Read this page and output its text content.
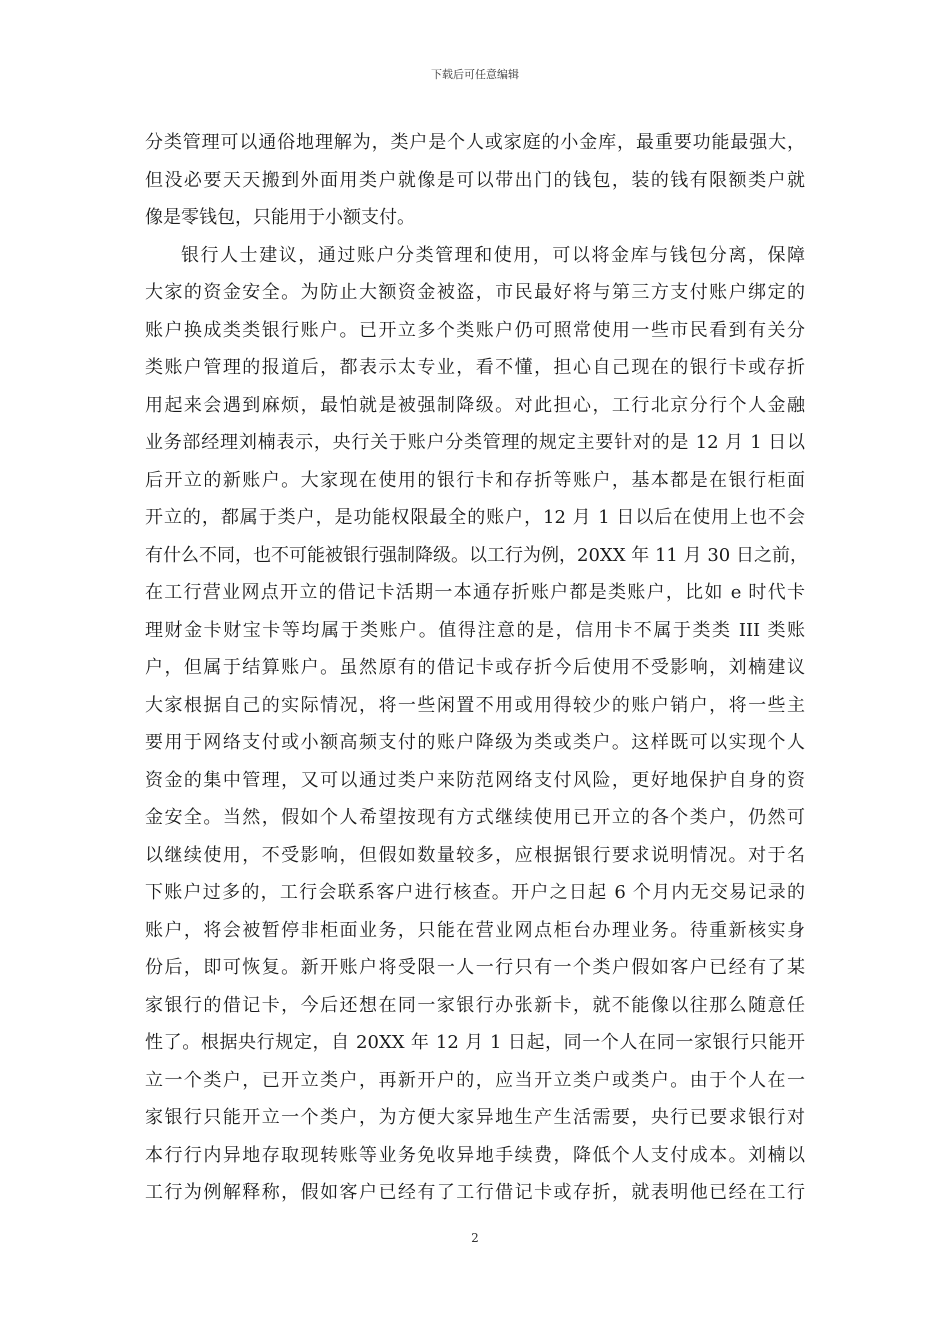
下载后可任意编辑
分类管理可以通俗地理解为，类户是个人或家庭的小金库，最重要功能最强大，
但没必要天天搬到外面用类户就像是可以带出门的钱包，装的钱有限额类户就
像是零钱包，只能用于小额支付。
银行人士建议，通过账户分类管理和使用，可以将金库与钱包分离，保障
大家的资金安全。为防止大额资金被盗，市民最好将与第三方支付账户绑定的
账户换成类类银行账户。已开立多个类账户仍可照常使用一些市民看到有关分
类账户管理的报道后，都表示太专业，看不懂，担心自己现在的银行卡或存折
用起来会遇到麻烦，最怕就是被强制降级。对此担心，工行北京分行个人金融
业务部经理刘楠表示，央行关于账户分类管理的规定主要针对的是 12 月 1 日以
后开立的新账户。大家现在使用的银行卡和存折等账户，基本都是在银行柜面
开立的，都属于类户，是功能权限最全的账户，12 月 1 日以后在使用上也不会
有什么不同，也不可能被银行强制降级。以工行为例，20XX 年 11 月 30 日之前，
在工行营业网点开立的借记卡活期一本通存折账户都是类账户，比如 e 时代卡
理财金卡财宝卡等均属于类账户。值得注意的是，信用卡不属于类类 III 类账
户，但属于结算账户。虽然原有的借记卡或存折今后使用不受影响，刘楠建议
大家根据自己的实际情况，将一些闲置不用或用得较少的账户销户，将一些主
要用于网络支付或小额高频支付的账户降级为类或类户。这样既可以实现个人
资金的集中管理，又可以通过类户来防范网络支付风险，更好地保护自身的资
金安全。当然，假如个人希望按现有方式继续使用已开立的各个类户，仍然可
以继续使用，不受影响，但假如数量较多，应根据银行要求说明情况。对于名
下账户过多的，工行会联系客户进行核查。开户之日起 6 个月内无交易记录的
账户，将会被暂停非柜面业务，只能在营业网点柜台办理业务。待重新核实身
份后，即可恢复。新开账户将受限一人一行只有一个类户假如客户已经有了某
家银行的借记卡，今后还想在同一家银行办张新卡，就不能像以往那么随意任
性了。根据央行规定，自 20XX 年 12 月 1 日起，同一个人在同一家银行只能开
立一个类户，已开立类户，再新开户的，应当开立类户或类户。由于个人在一
家银行只能开立一个类户，为方便大家异地生产生活需要，央行已要求银行对
本行行内异地存取现转账等业务免收异地手续费，降低个人支付成本。刘楠以
工行为例解释称，假如客户已经有了工行借记卡或存折，就表明他已经在工行
2
